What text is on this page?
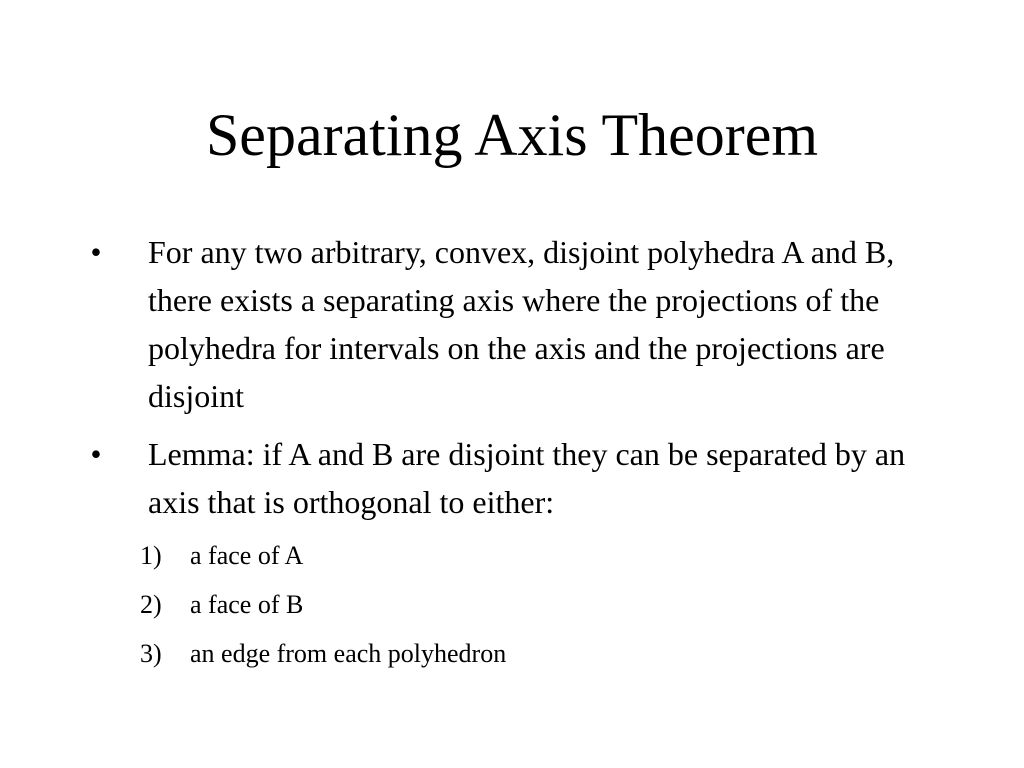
Separating Axis Theorem
• For any two arbitrary, convex, disjoint polyhedra A and B, there exists a separating axis where the projections of the polyhedra for intervals on the axis and the projections are disjoint
• Lemma: if A and B are disjoint they can be separated by an axis that is orthogonal to either:
1) a face of A
2) a face of B
3) an edge from each polyhedron
